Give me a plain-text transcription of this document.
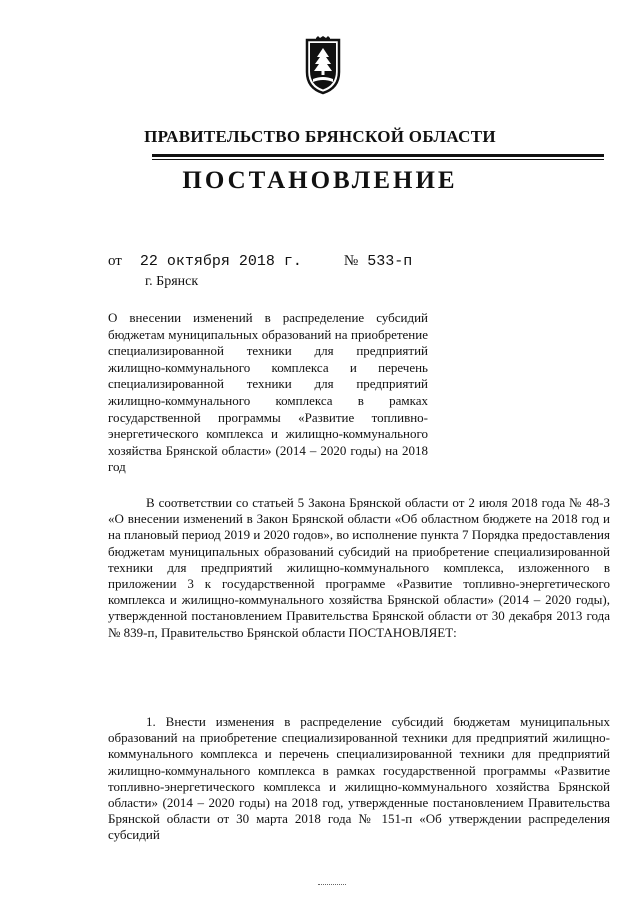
ПРАВИТЕЛЬСТВО БРЯНСКОЙ ОБЛАСТИ
ПОСТАНОВЛЕНИЕ
от 22 октября 2018 г.	№ 533-п
г. Брянск

О внесении изменений в распределение субсидий бюджетам муниципальных образований на приобретение специализированной техники для предприятий жилищно-коммунального комплекса и перечень специализированной техники для предприятий жилищно-коммунального комплекса в рамках государственной программы «Развитие топливно-энергетического комплекса и жилищно-коммунального хозяйства Брянской области» (2014 – 2020 годы) на 2018 год

В соответствии со статьей 5 Закона Брянской области от 2 июля 2018 года № 48-З «О внесении изменений в Закон Брянской области «Об областном бюджете на 2018 год и на плановый период 2019 и 2020 годов», во исполнение пункта 7 Порядка предоставления бюджетам муниципальных образований субсидий на приобретение специализированной техники для предприятий жилищно-коммунального комплекса, изложенного в приложении 3 к государственной программе «Развитие топливно-энергетического комплекса и жилищно-коммунального хозяйства Брянской области» (2014 – 2020 годы), утвержденной постановлением Правительства Брянской области от 30 декабря 2013 года № 839-п, Правительство Брянской области ПОСТАНОВЛЯЕТ:

1. Внести изменения в распределение субсидий бюджетам муниципальных образований на приобретение специализированной техники для предприятий жилищно-коммунального комплекса и перечень специализированной техники для предприятий жилищно-коммунального комплекса в рамках государственной программы «Развитие топливно-энергетического комплекса и жилищно-коммунального хозяйства Брянской области» (2014 – 2020 годы) на 2018 год, утвержденные постановлением Правительства Брянской области от 30 марта 2018 года № 151-п «Об утверждении распределения субсидий
